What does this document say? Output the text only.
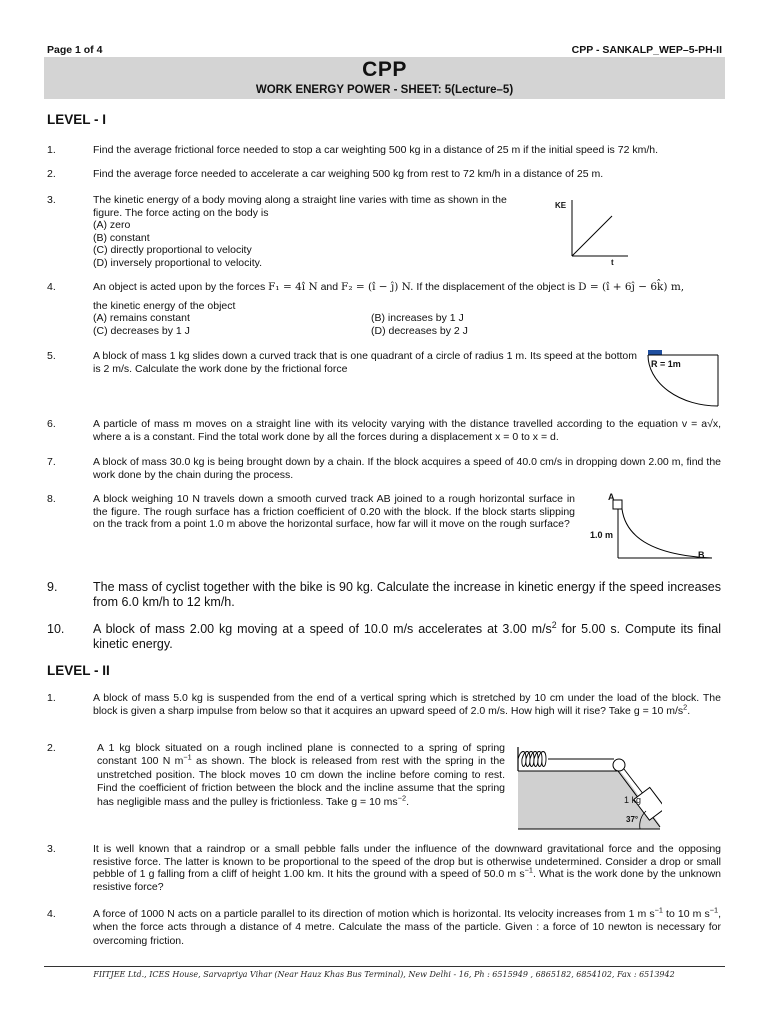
Page 1 of 4	CPP - SANKALP_WEP–5-PH-II
CPP
WORK ENERGY POWER - SHEET: 5(Lecture–5)
LEVEL - I
1.	Find the average frictional force needed to stop a car weighting 500 kg in a distance of 25 m if the initial speed is 72 km/h.
2.	Find the average force needed to accelerate a car weighing 500 kg from rest to 72 km/h in a distance of 25 m.
3.	The kinetic energy of a body moving along a straight line varies with time as shown in the figure. The force acting on the body is
(A) zero
(B) constant
(C) directly proportional to velocity
(D) inversely proportional to velocity.
KE
t
4.	An object is acted upon by the forces F₁ = 4î N and F₂ = (î − ĵ) N. If the displacement of the object is D = (î + 6ĵ − 6k̂) m,
the kinetic energy of the object
(A) remains constant	(B) increases by 1 J
(C) decreases by 1 J	(D) decreases by 2 J
5.	A block of mass 1 kg slides down a curved track that is one quadrant of a circle of radius 1 m. Its speed at the bottom is 2 m/s. Calculate the work done by the frictional force	R = 1m
6.	A particle of mass m moves on a straight line with its velocity varying with the distance travelled according to the equation v = a√x, where a is a constant. Find the total work done by all the forces during a displacement x = 0 to x = d.
7.	A block of mass 30.0 kg is being brought down by a chain. If the block acquires a speed of 40.0 cm/s in dropping down 2.00 m, find the work done by the chain during the process.
8.	A block weighing 10 N travels down a smooth curved track AB joined to a rough horizontal surface in the figure. The rough surface has a friction coefficient of 0.20 with the block. If the block starts slipping on the track from a point 1.0 m above the horizontal surface, how far will it move on the rough surface?
A
1.0 m
B
9.	The mass of cyclist together with the bike is 90 kg. Calculate the increase in kinetic energy if the speed increases from 6.0 km/h to 12 km/h.
10. A block of mass 2.00 kg moving at a speed of 10.0 m/s accelerates at 3.00 $m/s^2$ for 5.00 s. Compute its final kinetic energy.
LEVEL - II
1.	A block of mass 5.0 kg is suspended from the end of a vertical spring which is stretched by 10 cm under the load of the block. The block is given a sharp impulse from below so that it acquires an upward speed of 2.0 m/s. How high will it rise? Take g = 10 $m/s^2$.
2.	A 1 kg block situated on a rough inclined plane is connected to a spring of spring constant 100 N $m^{-1}$ as shown. The block is released from rest with the spring in the unstretched position. The block moves 10 cm down the incline before coming to rest. Find the coefficient of friction between the block and the incline assume that the spring has negligible mass and the pulley is frictionless. Take g = 10 $ms^{-2}$.	1 kg
37°
3.	It is well known that a raindrop or a small pebble falls under the influence of the downward gravitational force and the opposing resistive force. The latter is known to be proportional to the speed of the drop but is otherwise undetermined. Consider a drop or small pebble of 1 g falling from a cliff of height 1.00 km. It hits the ground with a speed of 50.0 m $s^{-1}$. What is the work done by the unknown resistive force?
4.	A force of 1000 N acts on a particle parallel to its direction of motion which is horizontal. Its velocity increases from 1 m $s^{-1}$ to 10 m $s^{-1}$, when the force acts through a distance of 4 metre. Calculate the mass of the particle. Given : a force of 10 newton is necessary for overcoming friction.
FIITJEE Ltd., ICES House, Sarvapriya Vihar (Near Hauz Khas Bus Terminal), New Delhi - 16, Ph : 6515949 , 6865182, 6854102, Fax : 6513942
